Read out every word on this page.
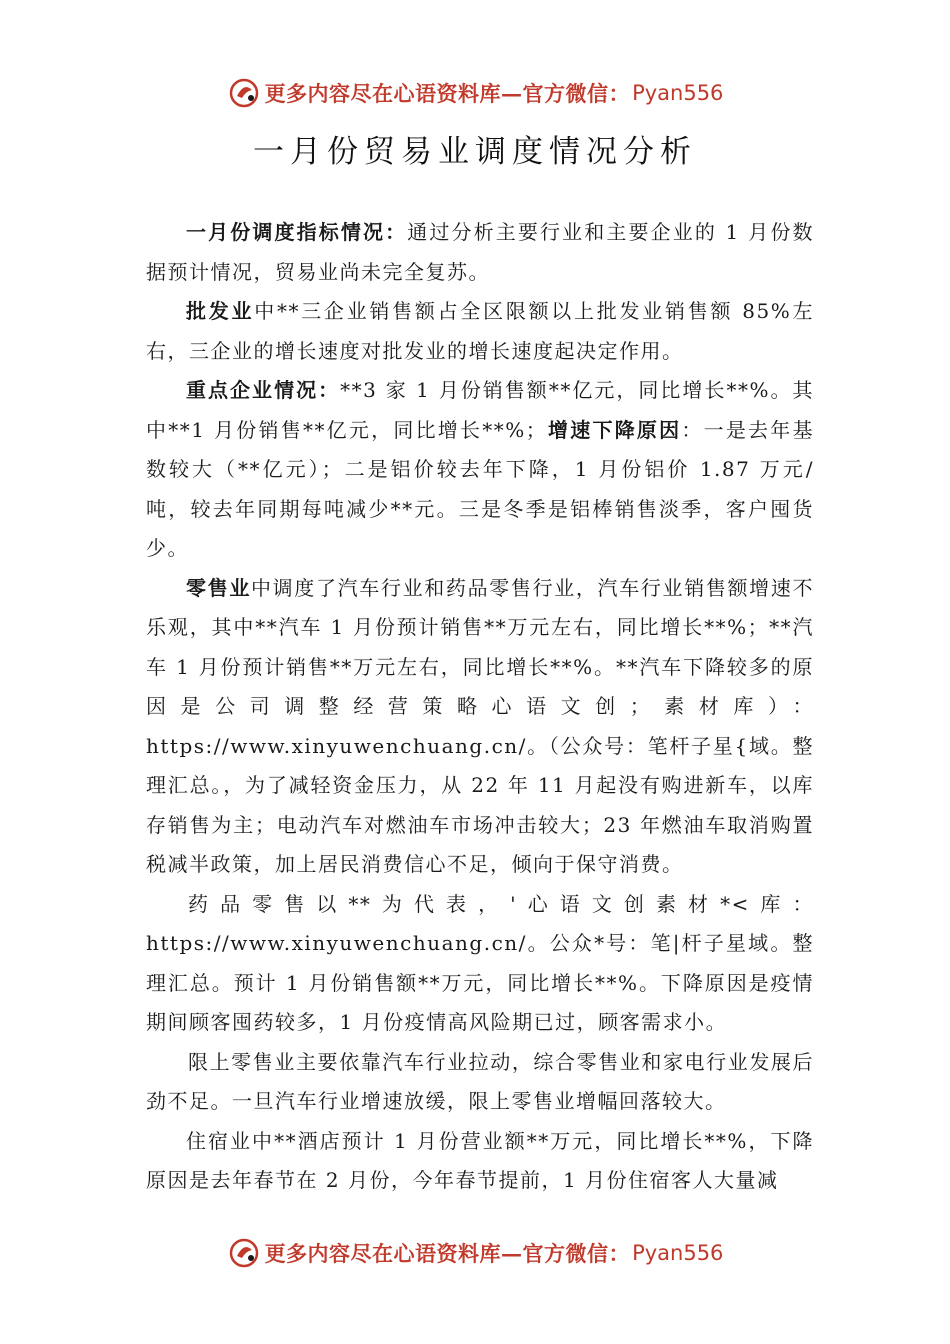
更多内容尽在心语资料库—官方微信： Pyan556
一月份贸易业调度情况分析

一月份调度指标情况：通过分析主要行业和主要企业的 1 月份数据预计情况，贸易业尚未完全复苏。

批发业中**三企业销售额占全区限额以上批发业销售额 85%左右，三企业的增长速度对批发业的增长速度起决定作用。

重点企业情况：**3 家 1 月份销售额**亿元，同比增长**%。其中**1 月份销售**亿元，同比增长**%；增速下降原因：一是去年基数较大（**亿元）；二是铝价较去年下降，1 月份铝价 1.87 万元/吨，较去年同期每吨减少**元。三是冬季是铝棒销售淡季，客户囤货少。

零售业中调度了汽车行业和药品零售行业，汽车行业销售额增速不乐观，其中**汽车 1 月份预计销售**万元左右，同比增长**%；**汽车 1 月份预计销售**万元左右，同比增长**%。**汽车下降较多的原因是公司调整经营策略心语文创；素材库）：https://www.xinyuwenchuang.cn/。（公众号：笔杆子星{域。整理汇总。，为了减轻资金压力，从 22 年 11 月起没有购进新车，以库存销售为主；电动汽车对燃油车市场冲击较大；23 年燃油车取消购置税减半政策，加上居民消费信心不足，倾向于保守消费。

药品零售以**为代表，'心语文创素材*<库：https://www.xinyuwenchuang.cn/。公众*号：笔|杆子星域。整理汇总。预计 1 月份销售额**万元，同比增长**%。下降原因是疫情期间顾客囤药较多，1 月份疫情高风险期已过，顾客需求小。

限上零售业主要依靠汽车行业拉动，综合零售业和家电行业发展后劲不足。一旦汽车行业增速放缓，限上零售业增幅回落较大。

住宿业中**酒店预计 1 月份营业额**万元，同比增长**%，下降原因是去年春节在 2 月份，今年春节提前，1 月份住宿客人大量减

更多内容尽在心语资料库—官方微信： Pyan556
